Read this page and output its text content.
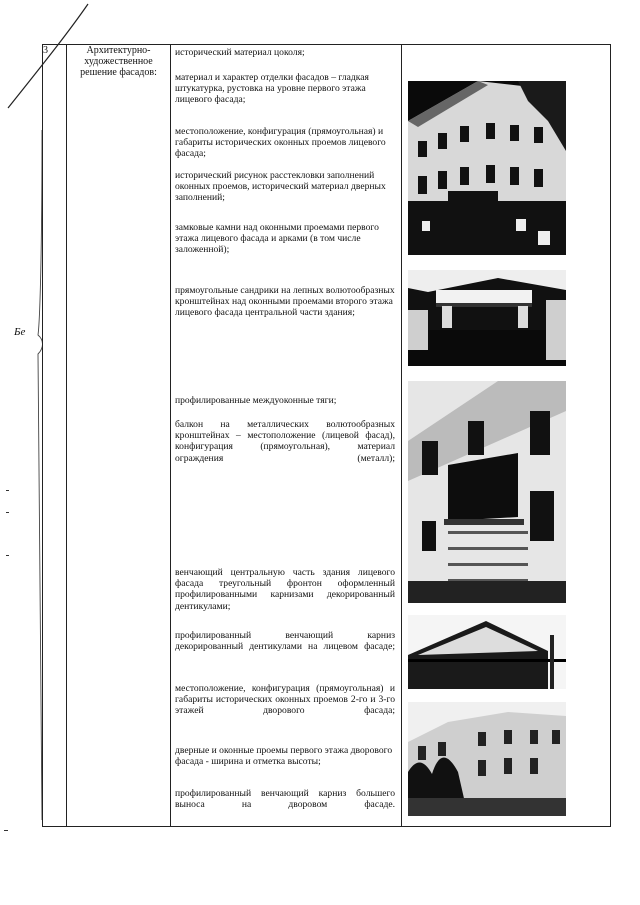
Бе
3	Архитектурно-художественное решение фасадов:	
исторический материал цоколя;
материал и характер отделки фасадов – гладкая штукатурка, рустовка на уровне первого этажа лицевого фасада;
местоположение, конфигурация (прямоугольная) и габариты исторических оконных проемов лицевого фасада;
исторический рисунок расстекловки заполнений оконных проемов, исторический материал дверных заполнений;
замковые камни над оконными проемами первого этажа лицевого фасада и арками (в том числе заложенной);
прямоугольные сандрики на лепных волютообразных кронштейнах над оконными проемами второго этажа лицевого фасада центральной части здания;
профилированные междуоконные тяги;
балкон на металлических волютообразных кронштейнах – местоположение (лицевой фасад), конфигурация (прямоугольная), материал ограждения (металл);
венчающий центральную часть здания лицевого фасада треугольный фронтон оформленный профилированными карнизами декорированный дентикулами;
профилированный венчающий карниз декорированный дентикулами на лицевом фасаде;
местоположение, конфигурация (прямоугольная) и габариты исторических оконных проемов 2-го и 3-го этажей дворового фасада;
дверные и оконные проемы первого этажа дворового фасада - ширина и отметка высоты;
профилированный венчающий карниз большего выноса на дворовом фасаде.
